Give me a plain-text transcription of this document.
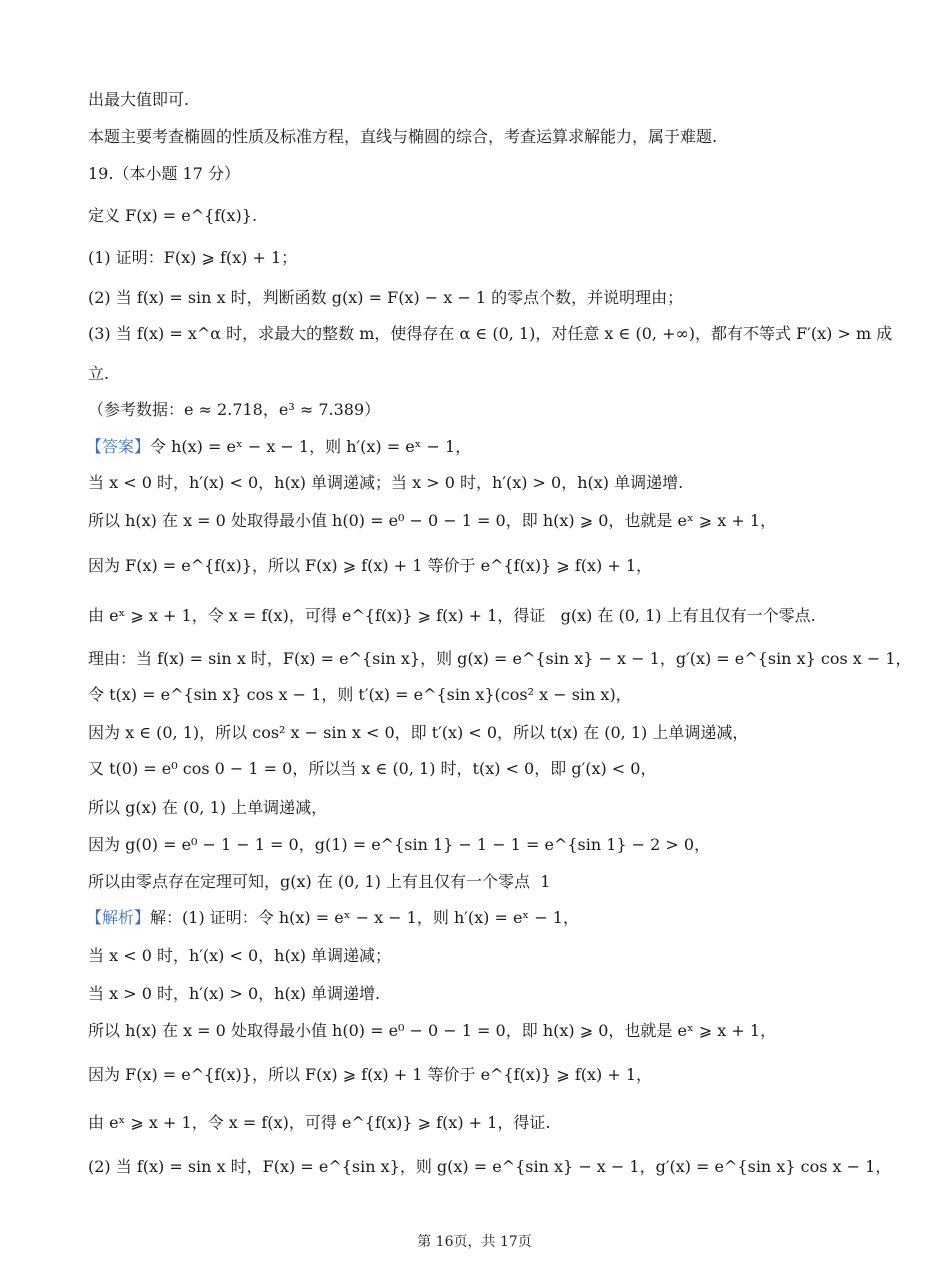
出最大值即可.
本题主要考查椭圆的性质及标准方程，直线与椭圆的综合，考查运算求解能力，属于难题.
19.（本小题 17 分）
定义 F(x) = e^{f(x)}.
(1) 证明：F(x) ⩾ f(x) + 1；
(2) 当 f(x) = sin x 时，判断函数 g(x) = F(x) − x − 1 的零点个数，并说明理由；
(3) 当 f(x) = x^α 时，求最大的整数 m，使得存在 α ∈ (0, 1)，对任意 x ∈ (0, +∞)，都有不等式 F′(x) > m 成
立.
（参考数据：e ≈ 2.718，e³ ≈ 7.389）
【答案】令 h(x) = eˣ − x − 1，则 h′(x) = eˣ − 1，
当 x < 0 时，h′(x) < 0，h(x) 单调递减；当 x > 0 时，h′(x) > 0，h(x) 单调递增.
所以 h(x) 在 x = 0 处取得最小值 h(0) = e⁰ − 0 − 1 = 0，即 h(x) ⩾ 0，也就是 eˣ ⩾ x + 1，
因为 F(x) = e^{f(x)}，所以 F(x) ⩾ f(x) + 1 等价于 e^{f(x)} ⩾ f(x) + 1，
由 eˣ ⩾ x + 1，令 x = f(x)，可得 e^{f(x)} ⩾ f(x) + 1，得证   g(x) 在 (0, 1) 上有且仅有一个零点.
理由：当 f(x) = sin x 时，F(x) = e^{sin x}，则 g(x) = e^{sin x} − x − 1，g′(x) = e^{sin x} cos x − 1，
令 t(x) = e^{sin x} cos x − 1，则 t′(x) = e^{sin x}(cos² x − sin x)，
因为 x ∈ (0, 1)，所以 cos² x − sin x < 0，即 t′(x) < 0，所以 t(x) 在 (0, 1) 上单调递减，
又 t(0) = e⁰ cos 0 − 1 = 0，所以当 x ∈ (0, 1) 时，t(x) < 0，即 g′(x) < 0，
所以 g(x) 在 (0, 1) 上单调递减，
因为 g(0) = e⁰ − 1 − 1 = 0，g(1) = e^{sin 1} − 1 − 1 = e^{sin 1} − 2 > 0，
所以由零点存在定理可知，g(x) 在 (0, 1) 上有且仅有一个零点  1
【解析】解：(1) 证明：令 h(x) = eˣ − x − 1，则 h′(x) = eˣ − 1，
当 x < 0 时，h′(x) < 0，h(x) 单调递减；
当 x > 0 时，h′(x) > 0，h(x) 单调递增.
所以 h(x) 在 x = 0 处取得最小值 h(0) = e⁰ − 0 − 1 = 0，即 h(x) ⩾ 0，也就是 eˣ ⩾ x + 1，
因为 F(x) = e^{f(x)}，所以 F(x) ⩾ f(x) + 1 等价于 e^{f(x)} ⩾ f(x) + 1，
由 eˣ ⩾ x + 1，令 x = f(x)，可得 e^{f(x)} ⩾ f(x) + 1，得证.
(2) 当 f(x) = sin x 时，F(x) = e^{sin x}，则 g(x) = e^{sin x} − x − 1，g′(x) = e^{sin x} cos x − 1，
第 16页，共 17页
